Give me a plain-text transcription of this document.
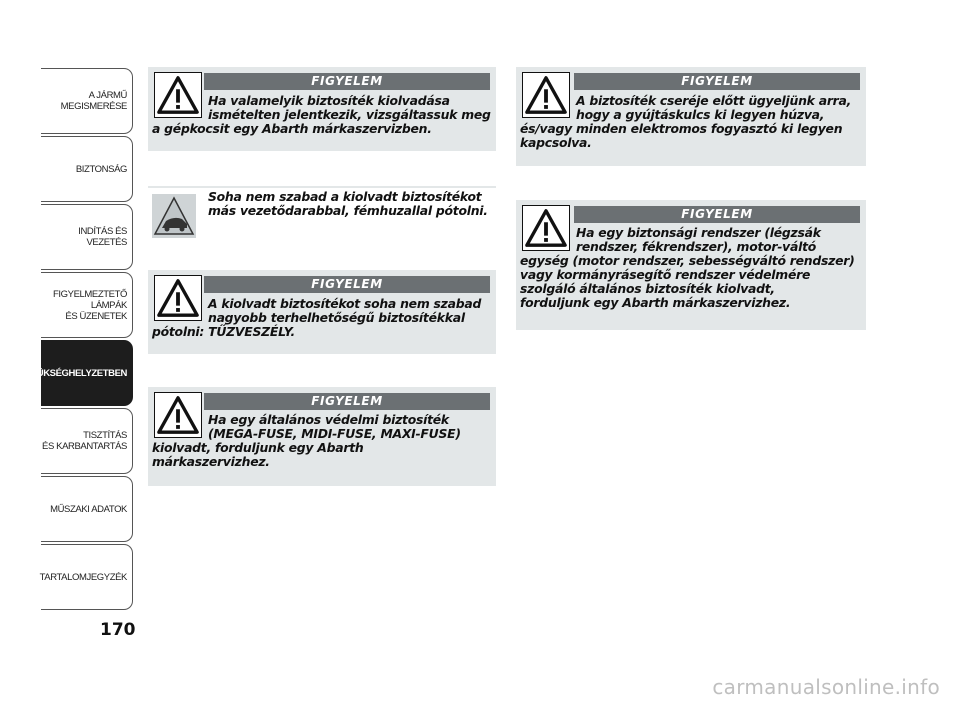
A JÁRMŰ
MEGISMERÉSE
BIZTONSÁG
INDÍTÁS ÉS VEZETÉS
FIGYELMEZTETŐ
LÁMPÁK
ÉS ÜZENETEK
SZÜKSÉGHELYZETBEN
TISZTÍTÁS
ÉS KARBANTARTÁS
MŰSZAKI ADATOK
TARTALOMJEGYZÉK
170
FIGYELEM
Ha valamelyik biztosíték kiolvadása
ismételten jelentkezik, vizsgáltassuk meg
a gépkocsit egy Abarth márkaszervizben.
Soha nem szabad a kiolvadt biztosítékot
más vezetődarabbal, fémhuzallal pótolni.
FIGYELEM
A kiolvadt biztosítékot soha nem szabad
nagyobb terhelhetőségű biztosítékkal
pótolni: TŰZVESZÉLY.
FIGYELEM
Ha egy általános védelmi biztosíték
(MEGA-FUSE, MIDI-FUSE, MAXI-FUSE)
kiolvadt, forduljunk egy Abarth
márkaszervizhez.
FIGYELEM
A biztosíték cseréje előtt ügyeljünk arra,
hogy a gyújtáskulcs ki legyen húzva,
és/vagy minden elektromos fogyasztó ki legyen
kapcsolva.
FIGYELEM
Ha egy biztonsági rendszer (légzsák
rendszer, fékrendszer), motor-váltó
egység (motor rendszer, sebességváltó rendszer)
vagy kormányrásegítő rendszer védelmére
szolgáló általános biztosíték kiolvadt,
forduljunk egy Abarth márkaszervizhez.
carmanualsonline.info
